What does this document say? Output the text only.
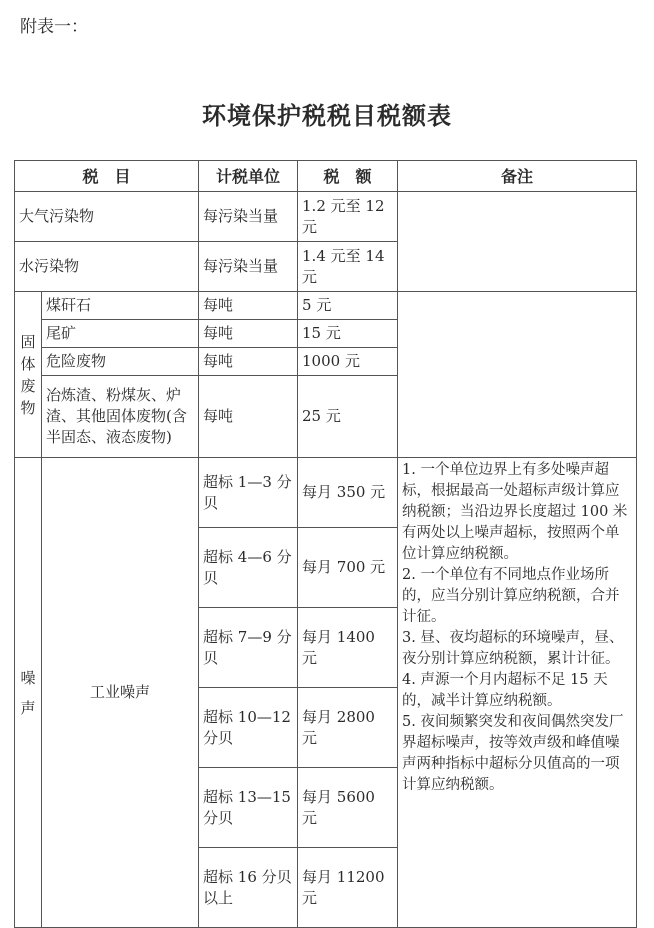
附表一：
环境保护税税目税额表
税　目		计税单位	税　额	备注
大气污染物		每污染当量	1.2 元至 12 元	
水污染物		每污染当量	1.4 元至 14 元	

固体废物	煤矸石	每吨	5 元	
	尾矿	每吨	15 元	
	危险废物	每吨	1000 元	
	冶炼渣、粉煤灰、炉渣、其他固体废物(含半固态、液态废物)	每吨	25 元	

噪声	工业噪声	超标 1—3 分贝	每月 350 元	1. 一个单位边界上有多处噪声超标，根据最高一处超标声级计算应纳税额；当沿边界长度超过 100 米有两处以上噪声超标，按照两个单位计算应纳税额。
2. 一个单位有不同地点作业场所的，应当分别计算应纳税额，合并计征。
3. 昼、夜均超标的环境噪声，昼、夜分别计算应纳税额，累计计征。
4. 声源一个月内超标不足 15 天的，减半计算应纳税额。
5. 夜间频繁突发和夜间偶然突发厂界超标噪声，按等效声级和峰值噪声两种指标中超标分贝值高的一项计算应纳税额。

		超标 4—6 分贝	每月 700 元	
		超标 7—9 分贝	每月 1400 元	
		超标 10—12 分贝	每月 2800 元	
		超标 13—15 分贝	每月 5600 元	
		超标 16 分贝以上	每月 11200 元	
